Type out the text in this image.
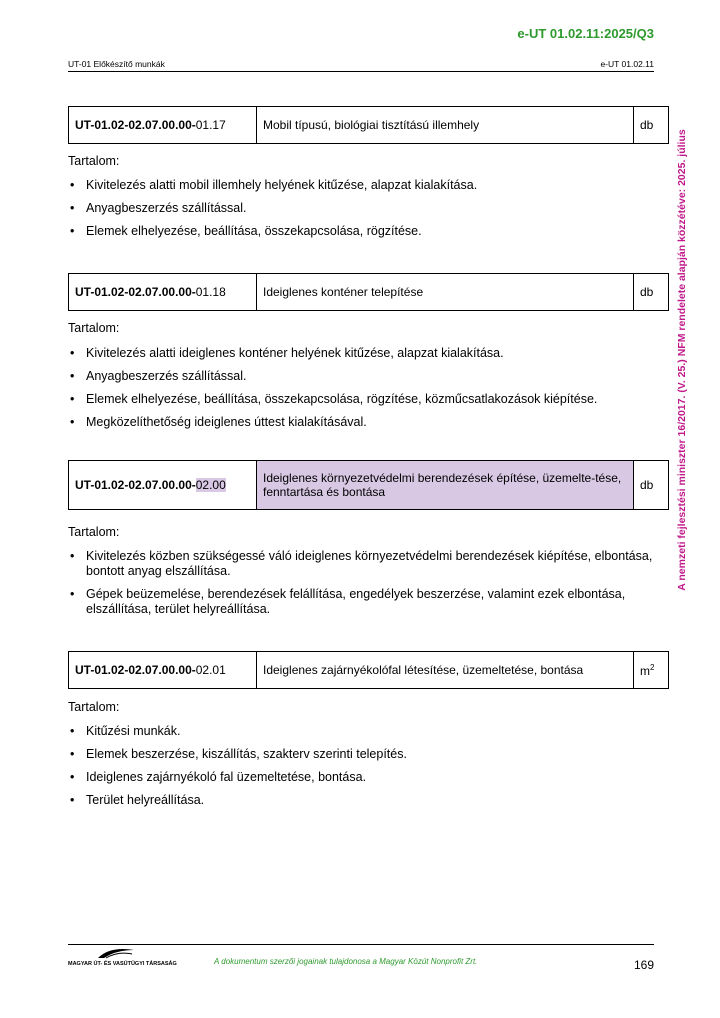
e-UT 01.02.11:2025/Q3
UT-01 Előkészítő munkák	e-UT 01.02.11
A nemzeti fejlesztési miniszter 16/2017. (V. 25.) NFM rendelete alapján közzétéve: 2025. július
UT-01.02-02.07.00.00-01.17	Mobil típusú, biológiai tisztítású illemhely	db
Tartalom:
• Kivitelezés alatti mobil illemhely helyének kitűzése, alapzat kialakítása.
• Anyagbeszerzés szállítással.
• Elemek elhelyezése, beállítása, összekapcsolása, rögzítése.
UT-01.02-02.07.00.00-01.18	Ideiglenes konténer telepítése	db
Tartalom:
• Kivitelezés alatti ideiglenes konténer helyének kitűzése, alapzat kialakítása.
• Anyagbeszerzés szállítással.
• Elemek elhelyezése, beállítása, összekapcsolása, rögzítése, közműcsatlakozások kiépítése.
• Megközelíthetőség ideiglenes úttest kialakításával.
UT-01.02-02.07.00.00-02.00	Ideiglenes környezetvédelmi berendezések építése, üzemelte-tése, fenntartása és bontása	db
Tartalom:
• Kivitelezés közben szükségessé váló ideiglenes környezetvédelmi berendezések kiépítése, elbontása, bontott anyag elszállítása.
• Gépek beüzemelése, berendezések felállítása, engedélyek beszerzése, valamint ezek elbontása, elszállítása, terület helyreállítása.
UT-01.02-02.07.00.00-02.01	Ideiglenes zajárnyékolófal létesítése, üzemeltetése, bontása	$m^2$
Tartalom:
• Kitűzési munkák.
• Elemek beszerzése, kiszállítás, szakterv szerinti telepítés.
• Ideiglenes zajárnyékoló fal üzemeltetése, bontása.
• Terület helyreállítása.
MAGYAR ÚT- ÉS VASÚTÜGYI TÁRSASÁG	A dokumentum szerzői jogainak tulajdonosa a Magyar Közút Nonprofit Zrt.	169
